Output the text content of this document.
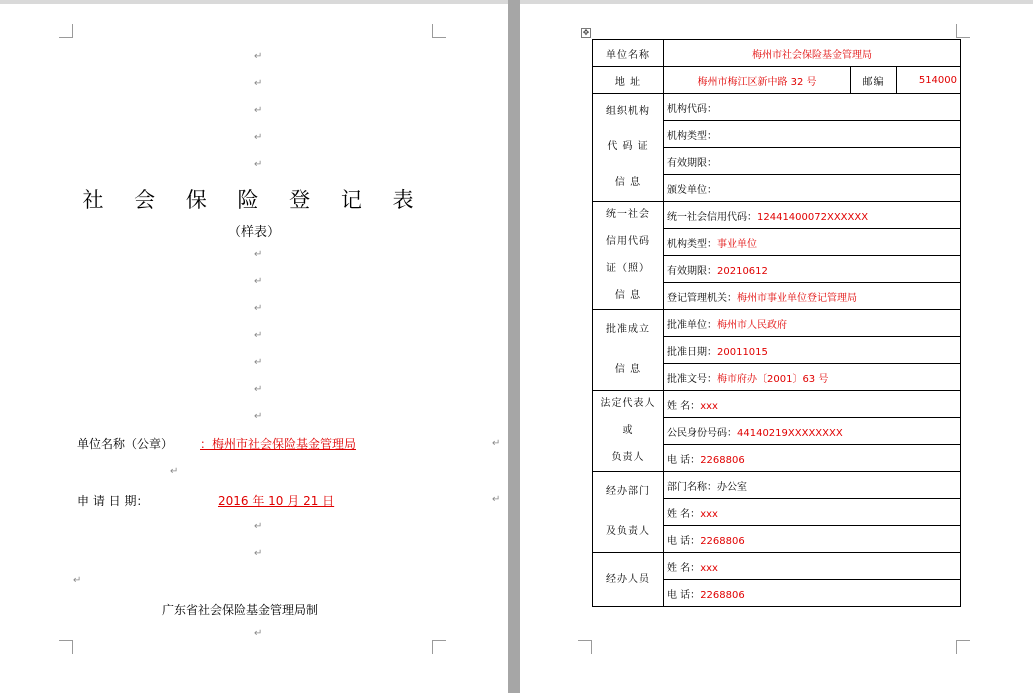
↵
↵
↵
↵
↵
社 会 保 险 登 记 表
（样表）
↵
↵
↵
↵
↵
↵
↵
单位名称（公章） ：梅州市社会保险基金管理局	↵
↵
申 请 日 期：	2016 年 10 月 21 日	↵
↵
↵
↵
广东省社会保险基金管理局制
↵
✥
单位名称	梅州市社会保险基金管理局		
地 址	梅州市梅江区新中路 32 号	邮编	514000

组织机构
代 码 证
信 息	机构代码：		
	机构类型：		
	有效期限：		
	颁发单位：		

统一社会
信用代码
证（照）
信 息	统一社会信用代码：12441400072XXXXXX		
	机构类型：事业单位		
	有效期限：20210612		
	登记管理机关：梅州市事业单位登记管理局		

批准成立
信 息	批准单位：梅州市人民政府		
	批准日期：20011015		
	批准文号：梅市府办〔2001〕63 号		

法定代表人
或
负责人	姓 名：xxx		
	公民身份号码：44140219XXXXXXXX		
	电 话：2268806		

经办部门
及负责人	部门名称：办公室		
	姓 名：xxx		
	电 话：2268806		

经办人员	姓 名：xxx		
	电 话：2268806		
